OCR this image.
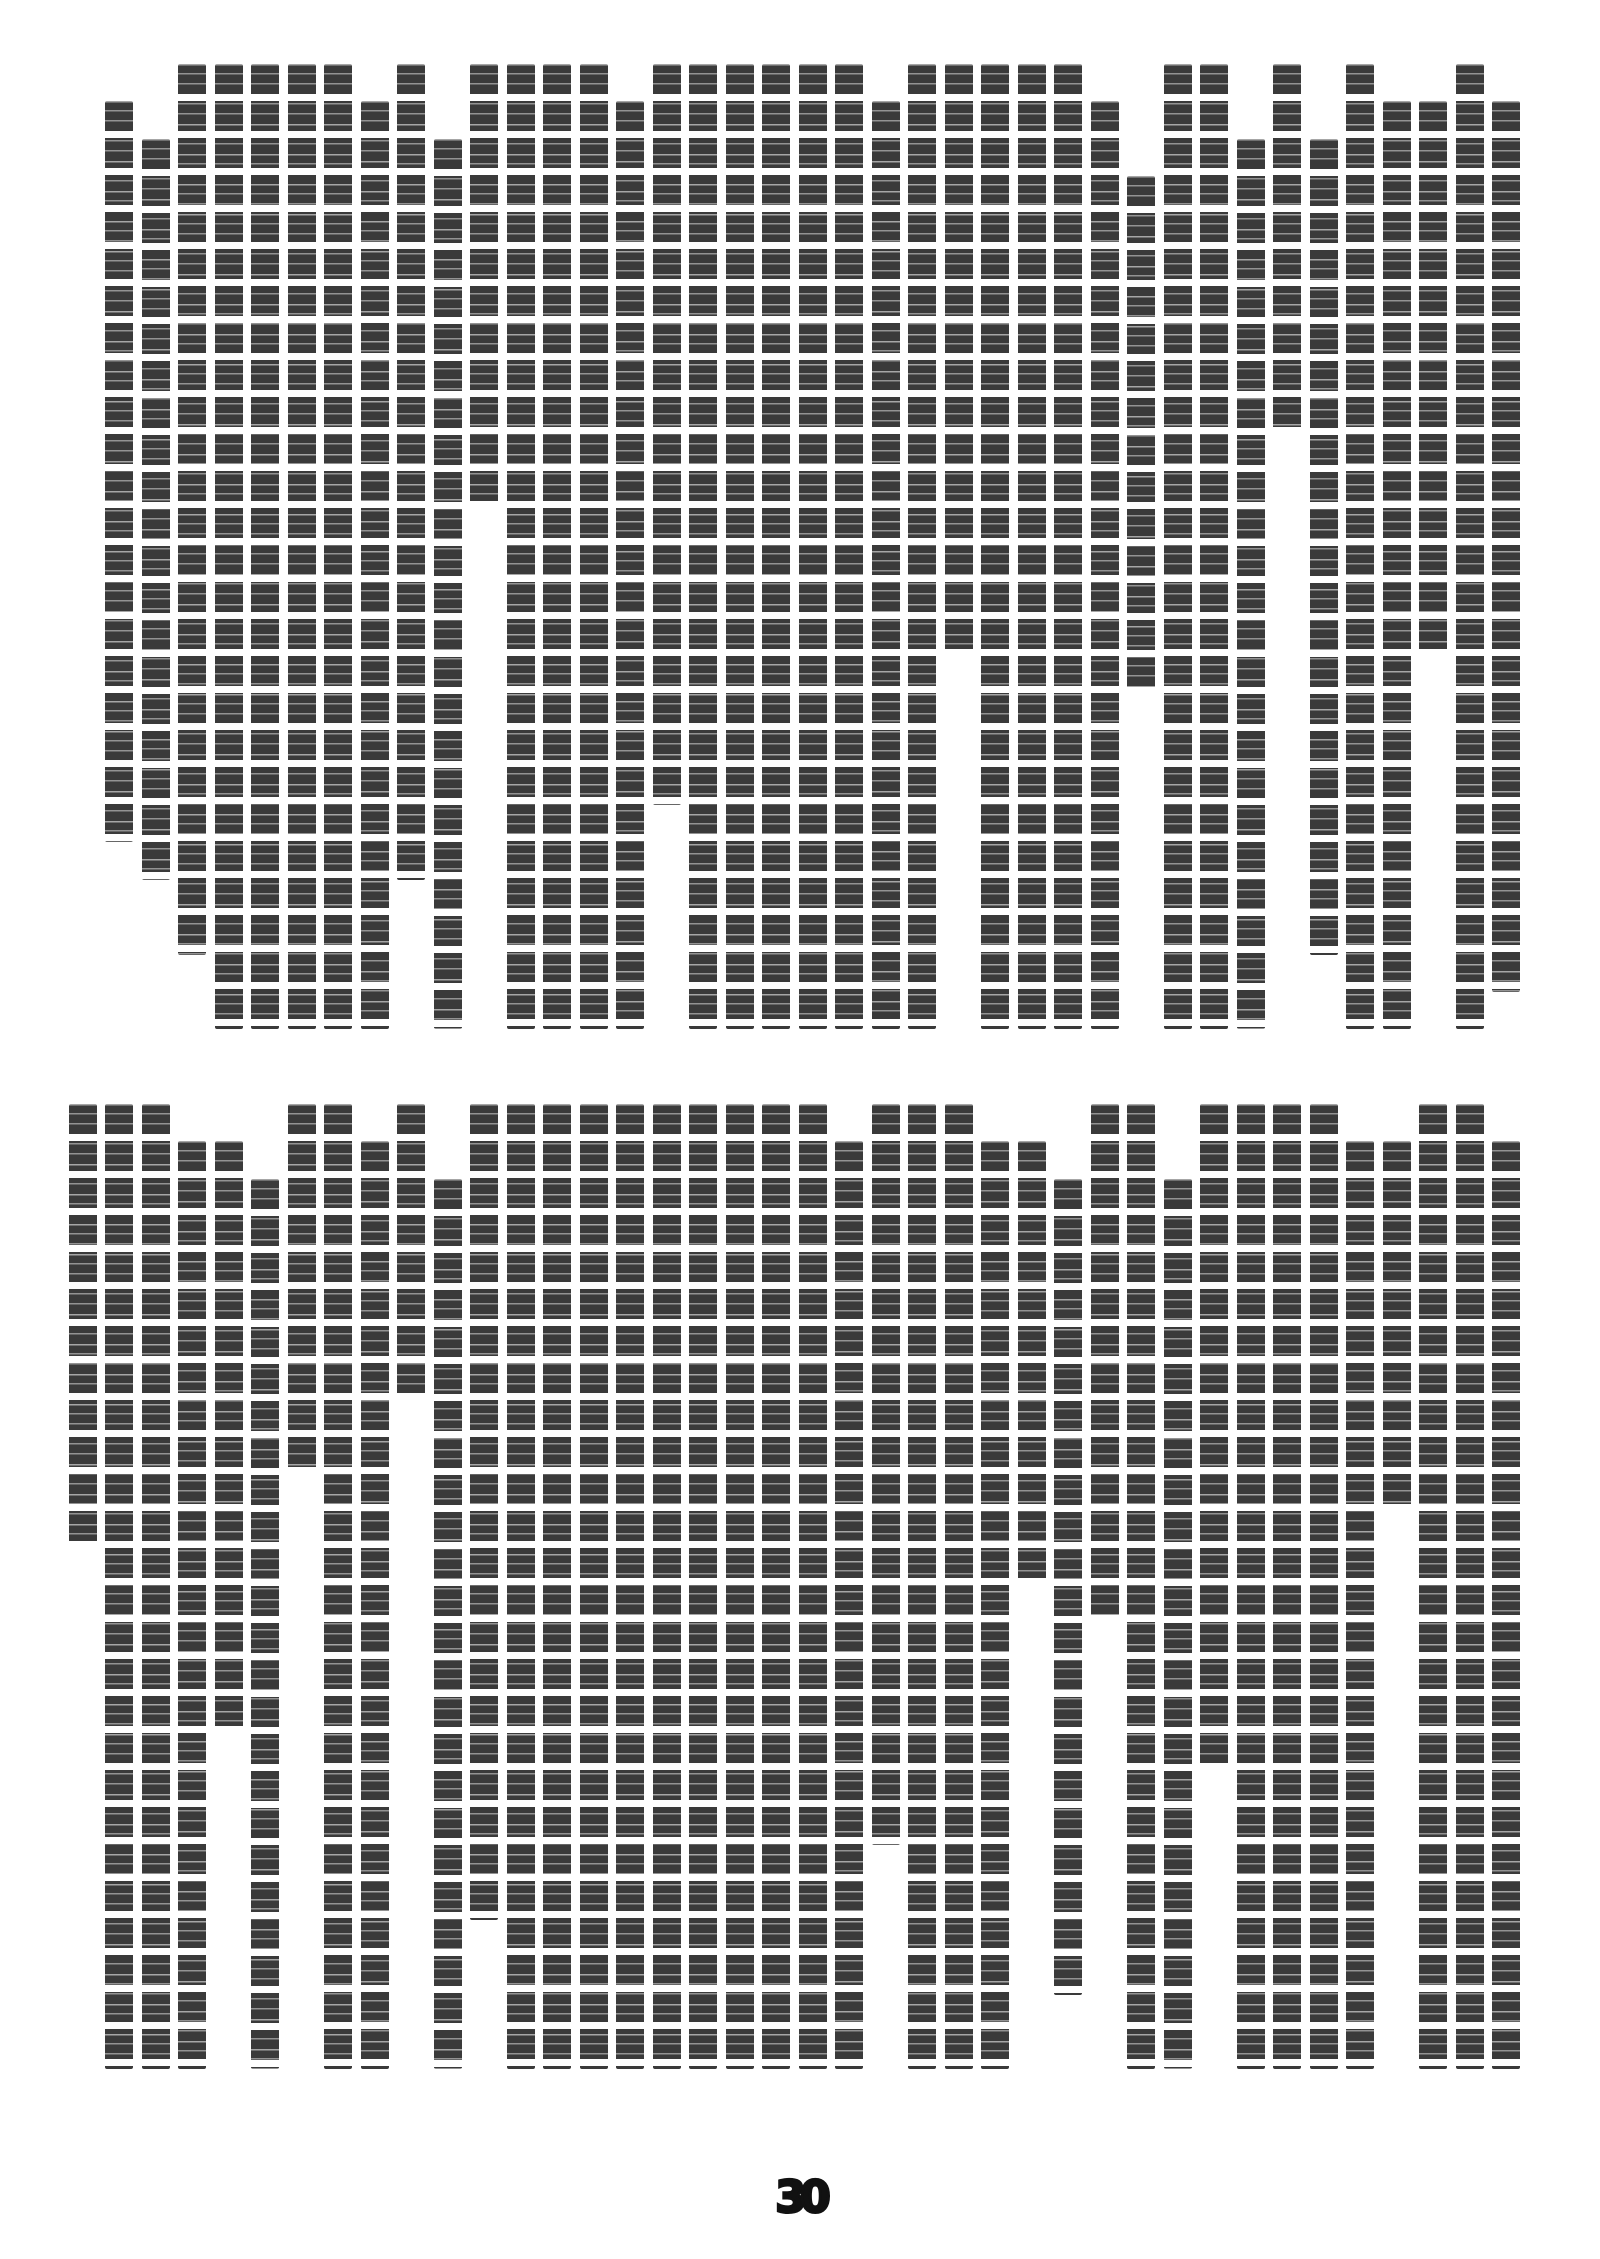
30
